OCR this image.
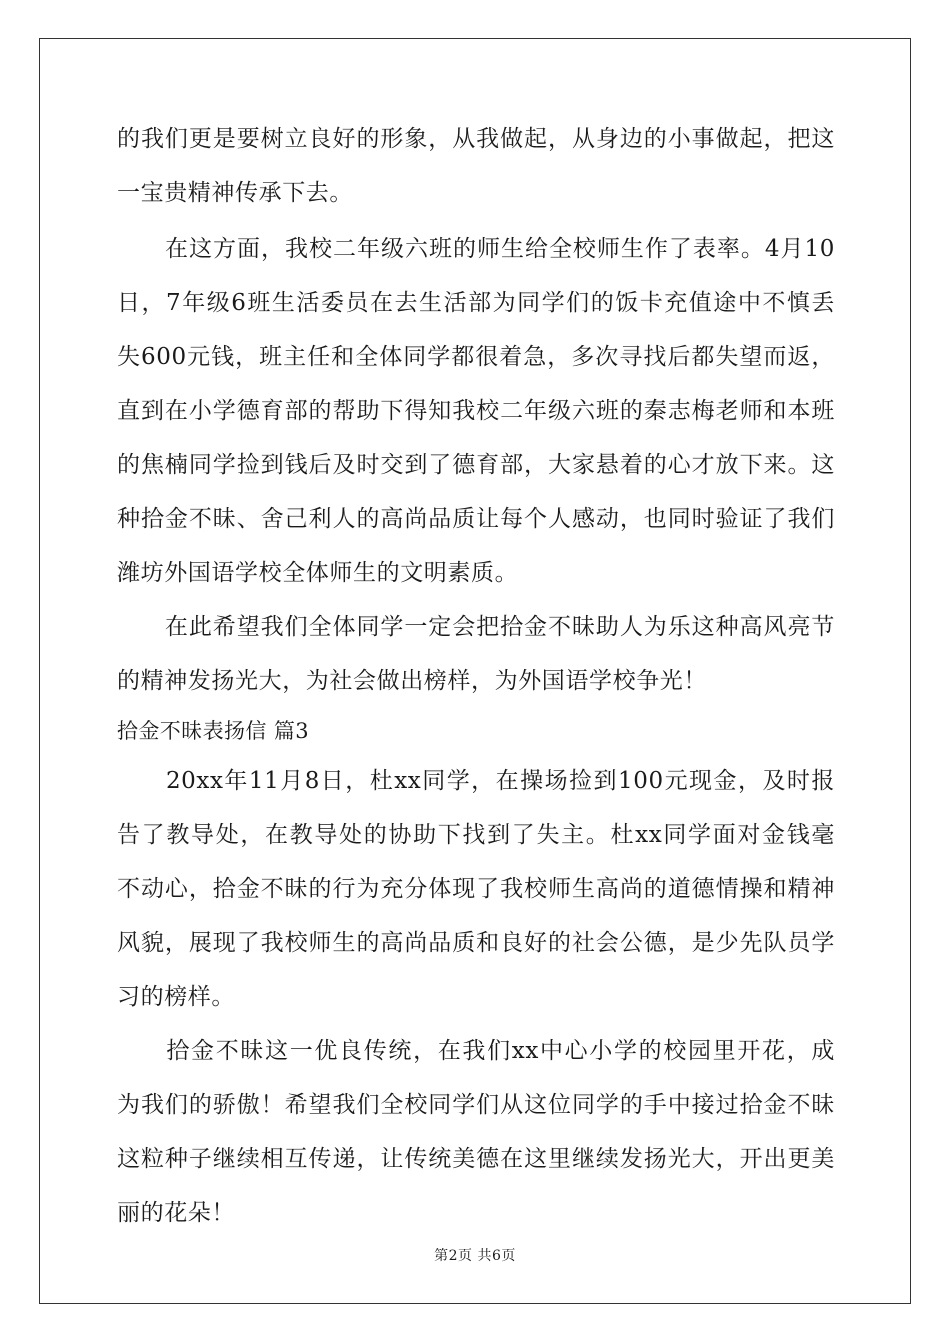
的我们更是要树立良好的形象，从我做起，从身边的小事做起，把这
一宝贵精神传承下去。
　　在这方面，我校二年级六班的师生给全校师生作了表率。4月10
日，7年级6班生活委员在去生活部为同学们的饭卡充值途中不慎丢
失600元钱，班主任和全体同学都很着急，多次寻找后都失望而返，
直到在小学德育部的帮助下得知我校二年级六班的秦志梅老师和本班
的焦楠同学捡到钱后及时交到了德育部，大家悬着的心才放下来。这
种拾金不昧、舍己利人的高尚品质让每个人感动，也同时验证了我们
潍坊外国语学校全体师生的文明素质。
　　在此希望我们全体同学一定会把拾金不昧助人为乐这种高风亮节
的精神发扬光大，为社会做出榜样，为外国语学校争光！
拾金不昧表扬信 篇3
　　20xx年11月8日，杜xx同学，在操场捡到100元现金，及时报
告了教导处，在教导处的协助下找到了失主。杜xx同学面对金钱毫
不动心，拾金不昧的行为充分体现了我校师生高尚的道德情操和精神
风貌，展现了我校师生的高尚品质和良好的社会公德，是少先队员学
习的榜样。
　　拾金不昧这一优良传统，在我们xx中心小学的校园里开花，成
为我们的骄傲！希望我们全校同学们从这位同学的手中接过拾金不昧
这粒种子继续相互传递，让传统美德在这里继续发扬光大，开出更美
丽的花朵！
第2页 共6页
